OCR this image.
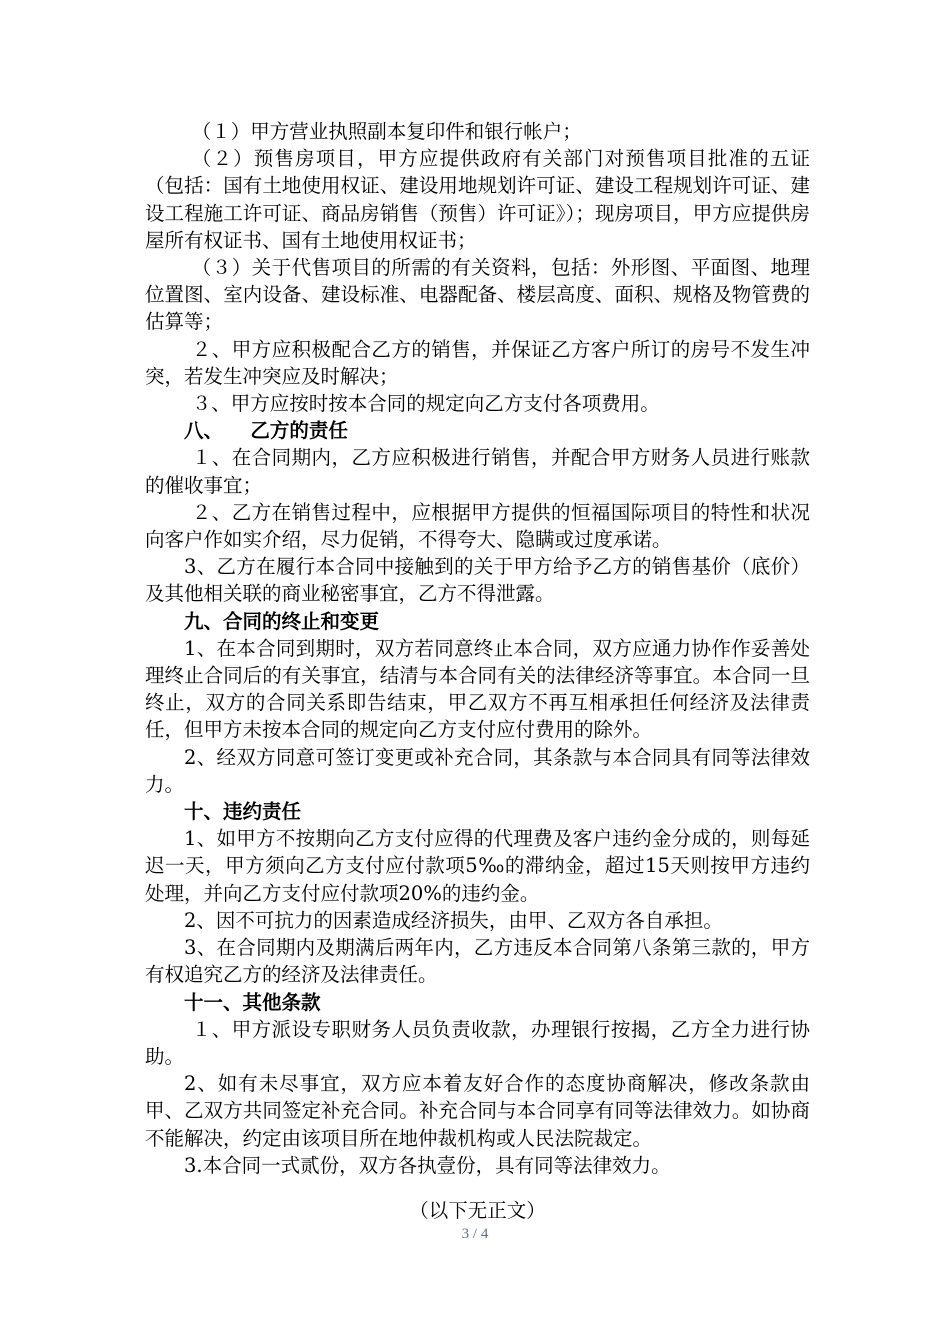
（１）甲方营业执照副本复印件和银行帐户；

（２）预售房项目，甲方应提供政府有关部门对预售项目批准的五证（包括：国有土地使用权证、建设用地规划许可证、建设工程规划许可证、建设工程施工许可证、商品房销售（预售）许可证》）；现房项目，甲方应提供房屋所有权证书、国有土地使用权证书；

（３）关于代售项目的所需的有关资料，包括：外形图、平面图、地理位置图、室内设备、建设标准、电器配备、楼层高度、面积、规格及物管费的估算等；

２、甲方应积极配合乙方的销售，并保证乙方客户所订的房号不发生冲突，若发生冲突应及时解决；

３、甲方应按时按本合同的规定向乙方支付各项费用。

八、 乙方的责任

１、在合同期内，乙方应积极进行销售，并配合甲方财务人员进行账款的催收事宜；

２、乙方在销售过程中，应根据甲方提供的恒福国际项目的特性和状况向客户作如实介绍，尽力促销，不得夸大、隐瞒或过度承诺。

3、乙方在履行本合同中接触到的关于甲方给予乙方的销售基价（底价）及其他相关联的商业秘密事宜，乙方不得泄露。

九、合同的终止和变更

1、在本合同到期时，双方若同意终止本合同，双方应通力协作作妥善处理终止合同后的有关事宜，结清与本合同有关的法律经济等事宜。本合同一旦终止，双方的合同关系即告结束，甲乙双方不再互相承担任何经济及法律责任，但甲方未按本合同的规定向乙方支付应付费用的除外。

2、经双方同意可签订变更或补充合同，其条款与本合同具有同等法律效力。

十、违约责任

1、如甲方不按期向乙方支付应得的代理费及客户违约金分成的，则每延迟一天，甲方须向乙方支付应付款项5‰的滞纳金，超过15天则按甲方违约处理，并向乙方支付应付款项20%的违约金。

2、因不可抗力的因素造成经济损失，由甲、乙双方各自承担。

3、在合同期内及期满后两年内，乙方违反本合同第八条第三款的，甲方有权追究乙方的经济及法律责任。

十一、其他条款

１、甲方派设专职财务人员负责收款，办理银行按揭，乙方全力进行协助。

2、如有未尽事宜，双方应本着友好合作的态度协商解决，修改条款由甲、乙双方共同签定补充合同。补充合同与本合同享有同等法律效力。如协商不能解决，约定由该项目所在地仲裁机构或人民法院裁定。

3.本合同一式贰份，双方各执壹份，具有同等法律效力。

（以下无正文）

3 / 4
